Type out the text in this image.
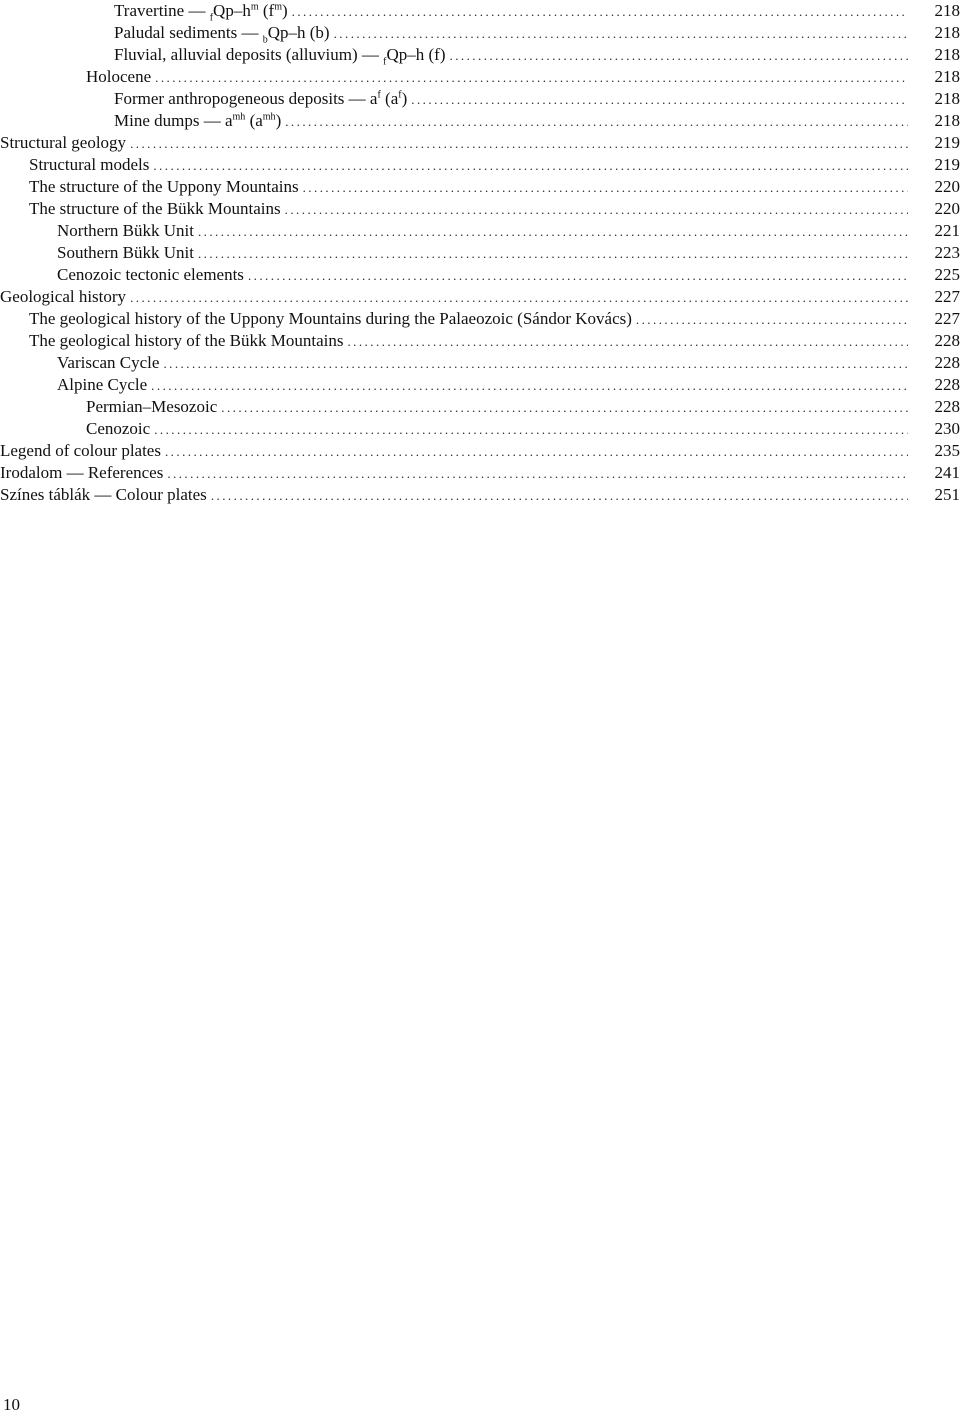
Travertine — $_fQp-h^m$ $(f^m)$ . . .	218
Paludal sediments — $_b$Qp–h (b) . . .	218
Fluvial, alluvial deposits (alluvium) — $_f$Qp–h (f) . . .	218
Holocene . . .	218
Former anthropogeneous deposits — $a^f$ $(a^f)$ . . .	218
Mine dumps — $a^{mh}$ $(a^{mh})$ . . .	218
Structural geology . . .	219
Structural models . . .	219
The structure of the Uppony Mountains . . .	220
The structure of the Bükk Mountains . . .	220
Northern Bükk Unit . . .	221
Southern Bükk Unit . . .	223
Cenozoic tectonic elements . . .	225
Geological history . . .	227
The geological history of the Uppony Mountains during the Palaeozoic (Sándor Kovács) . . .	227
The geological history of the Bükk Mountains . . .	228
Variscan Cycle . . .	228
Alpine Cycle . . .	228
Permian–Mesozoic . . .	228
Cenozoic . . .	230
Legend of colour plates . . .	235
Irodalom — References . . .	241
Színes táblák — Colour plates . . .	251
10
